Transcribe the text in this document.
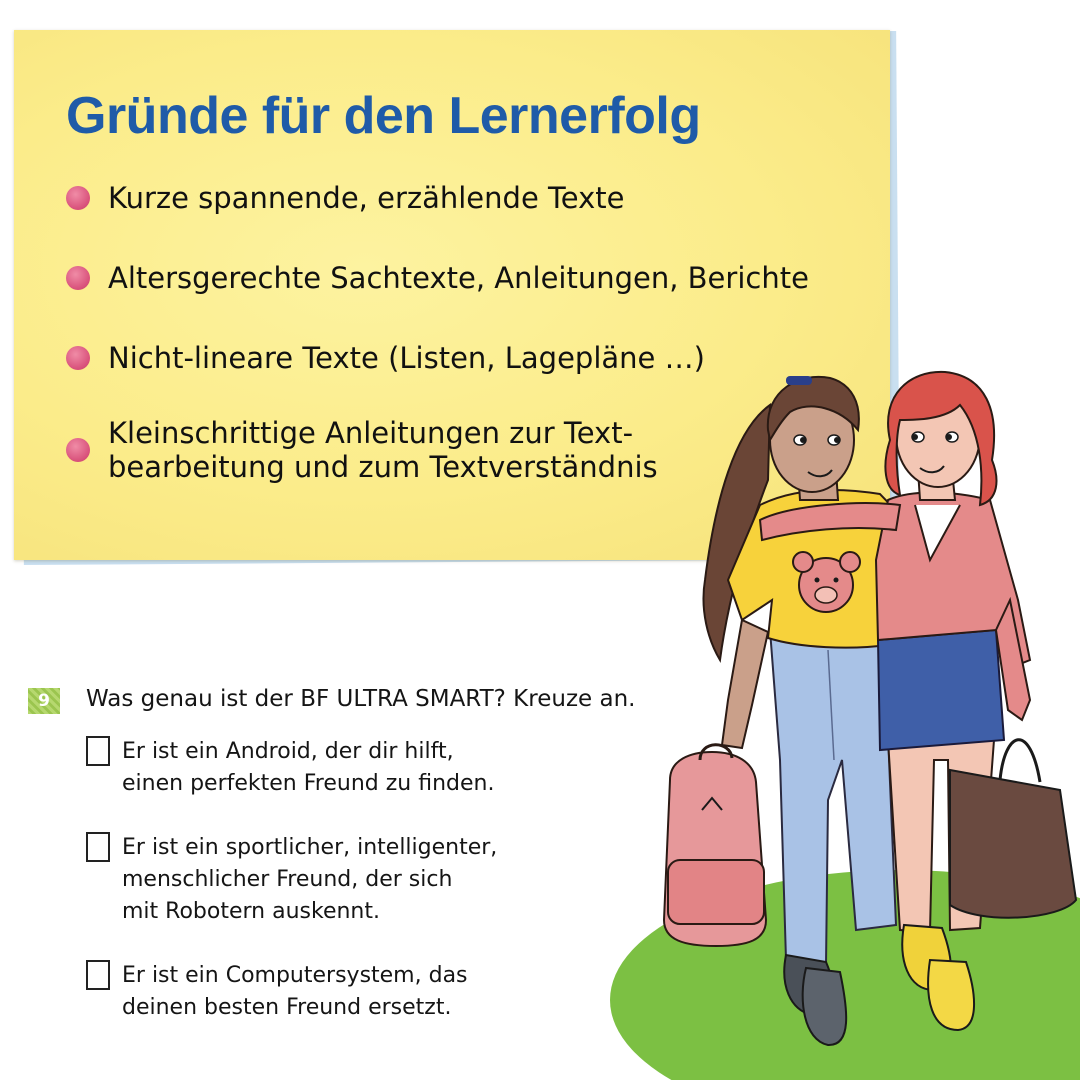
Gründe für den Lernerfolg
Kurze spannende, erzählende Texte
Altersgerechte Sachtexte, Anleitungen, Berichte
Nicht-lineare Texte (Listen, Lagepläne …)
Kleinschrittige Anleitungen zur Text-
bearbeitung und zum Textverständnis
9	Was genau ist der BF ULTRA SMART? Kreuze an.

Er ist ein Android, der dir hilft,
einen perfekten Freund zu finden.
Er ist ein sportlicher, intelligenter,
menschlicher Freund, der sich
mit Robotern auskennt.
Er ist ein Computersystem, das
deinen besten Freund ersetzt.
